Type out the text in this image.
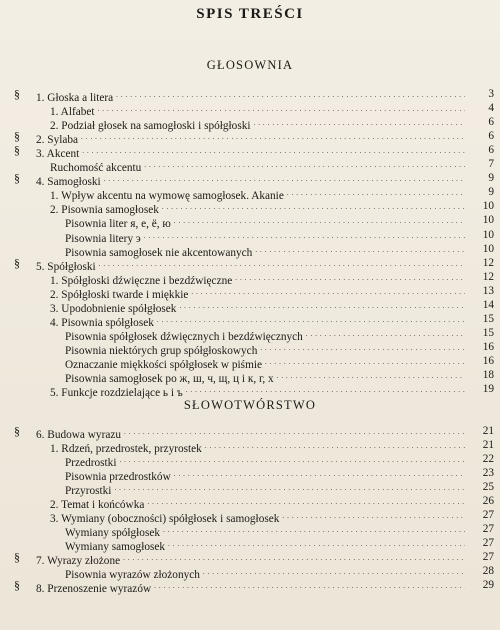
SPIS TREŚCI
GŁOSOWNIA
§ 1. Głoska a litera . . .	3
1. Alfabet . . .	4
2. Podział głosek na samogłoski i spółgłoski . . .	6
§ 2. Sylaba . . .	6
§ 3. Akcent . . .	6
Ruchomość akcentu . . .	7
§ 4. Samogłoski . . .	9
1. Wpływ akcentu na wymowę samogłosek. Akanie . . .	9
2. Pisownia samogłosek . . .	10
Pisownia liter я, е, ё, ю . . .	10
Pisownia litery э . . .	10
Pisownia samogłosek nie akcentowanych . . .	10
§ 5. Spółgłoski . . .	12
1. Spółgłoski dźwięczne i bezdźwięczne . . .	12
2. Spółgłoski twarde i miękkie . . .	13
3. Upodobnienie spółgłosek . . .	14
4. Pisownia spółgłosek . . .	15
Pisownia spółgłosek dźwięcznych i bezdźwięcznych . . .	15
Pisownia niektórych grup spółgłoskowych . . .	16
Oznaczanie miękkości spółgłosek w piśmie . . .	16
Pisownia samogłosek po ж, ш, ч, щ, ц i к, г, х . . .	18
5. Funkcje rozdzielające ь i ъ . . .	19
SŁOWOTWÓRSTWO
§ 6. Budowa wyrazu . . .	21
1. Rdzeń, przedrostek, przyrostek . . .	21
Przedrostki . . .	22
Pisownia przedrostków . . .	23
Przyrostki . . .	25
2. Temat i końcówka . . .	26
3. Wymiany (oboczności) spółgłosek i samogłosek . . .	27
Wymiany spółgłosek . . .	27
Wymiany samogłosek . . .	27
§ 7. Wyrazy złożone . . .	27
Pisownia wyrazów złożonych . . .	28
§ 8. Przenoszenie wyrazów . . .	29
